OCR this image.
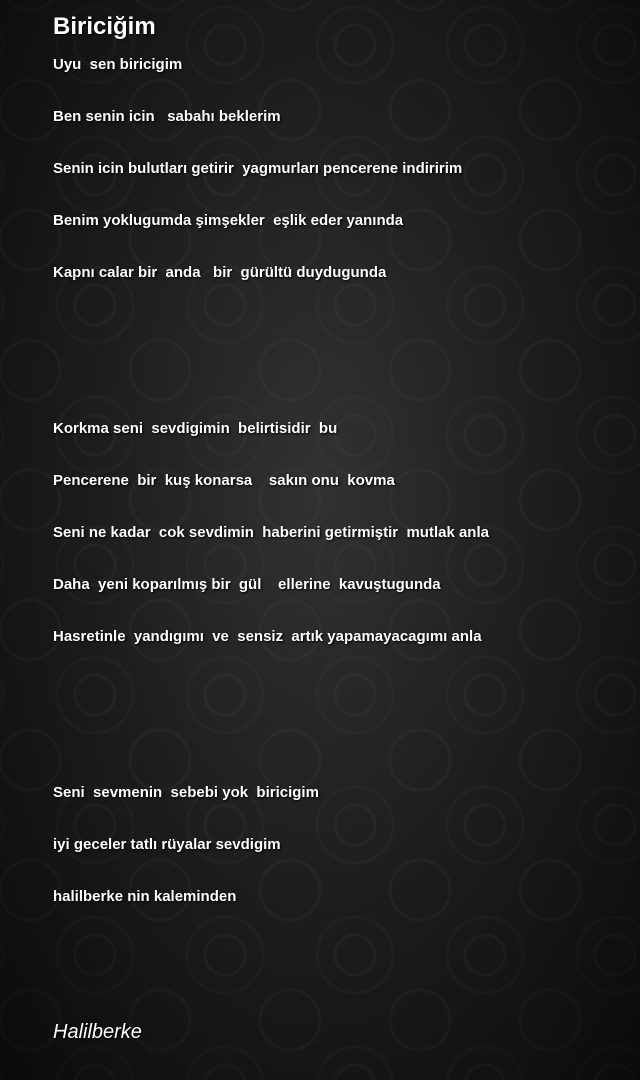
Biriciğim
Uyu  sen biricigim
Ben senin icin   sabahı beklerim
Senin icin bulutları getirir  yagmurları pencerene indiririm
Benim yoklugumda şimşekler  eşlik eder yanında
Kapnı calar bir  anda   bir  gürültü duydugunda
Korkma seni  sevdigimin  belirtisidir  bu
Pencerene  bir  kuş konarsa    sakın onu  kovma
Seni ne kadar  cok sevdimin  haberini getirmiştir  mutlak anla
Daha  yeni koparılmış bir  gül    ellerine  kavuştugunda
Hasretinle  yandıgımı  ve  sensiz  artık yapamayacagımı anla
Seni  sevmenin  sebebi yok  biricigim
iyi geceler tatlı rüyalar sevdigim
halilberke nin kaleminden
Halilberke
